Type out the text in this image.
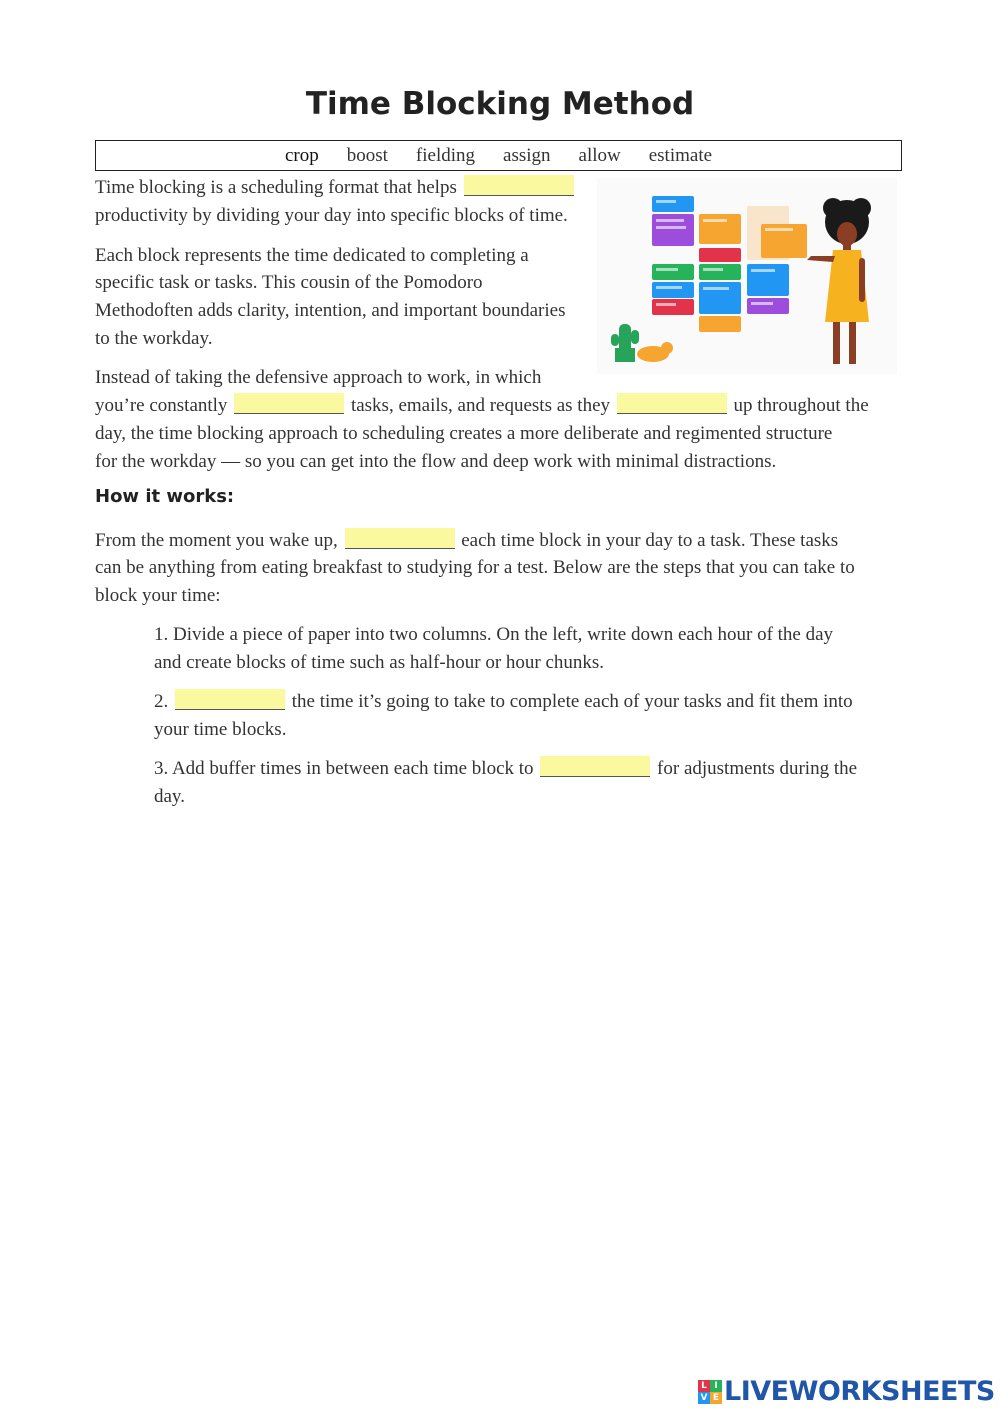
Time Blocking Method
crop boost fielding assign allow estimate

Time blocking is a scheduling format that helps

productivity by dividing your day into specific blocks of time.

Each block represents the time dedicated to completing a

specific task or tasks. This cousin of the Pomodoro

Methodoften adds clarity, intention, and important boundaries

to the workday.

Instead of taking the defensive approach to work, in which

you’re constantly	tasks, emails, and requests as they	up throughout the

day, the time blocking approach to scheduling creates a more deliberate and regimented structure

for the workday — so you can get into the flow and deep work with minimal distractions.

How it works:

From the moment you wake up,	each time block in your day to a task. These tasks

can be anything from eating breakfast to studying for a test. Below are the steps that you can take to

block your time:

1. Divide a piece of paper into two columns. On the left, write down each hour of the day

and create blocks of time such as half-hour or hour chunks.

2.	the time it’s going to take to complete each of your tasks and fit them into

your time blocks.

3. Add buffer times in between each time block to	for adjustments during the

day.

L I
V E LIVEWORKSHEETS
